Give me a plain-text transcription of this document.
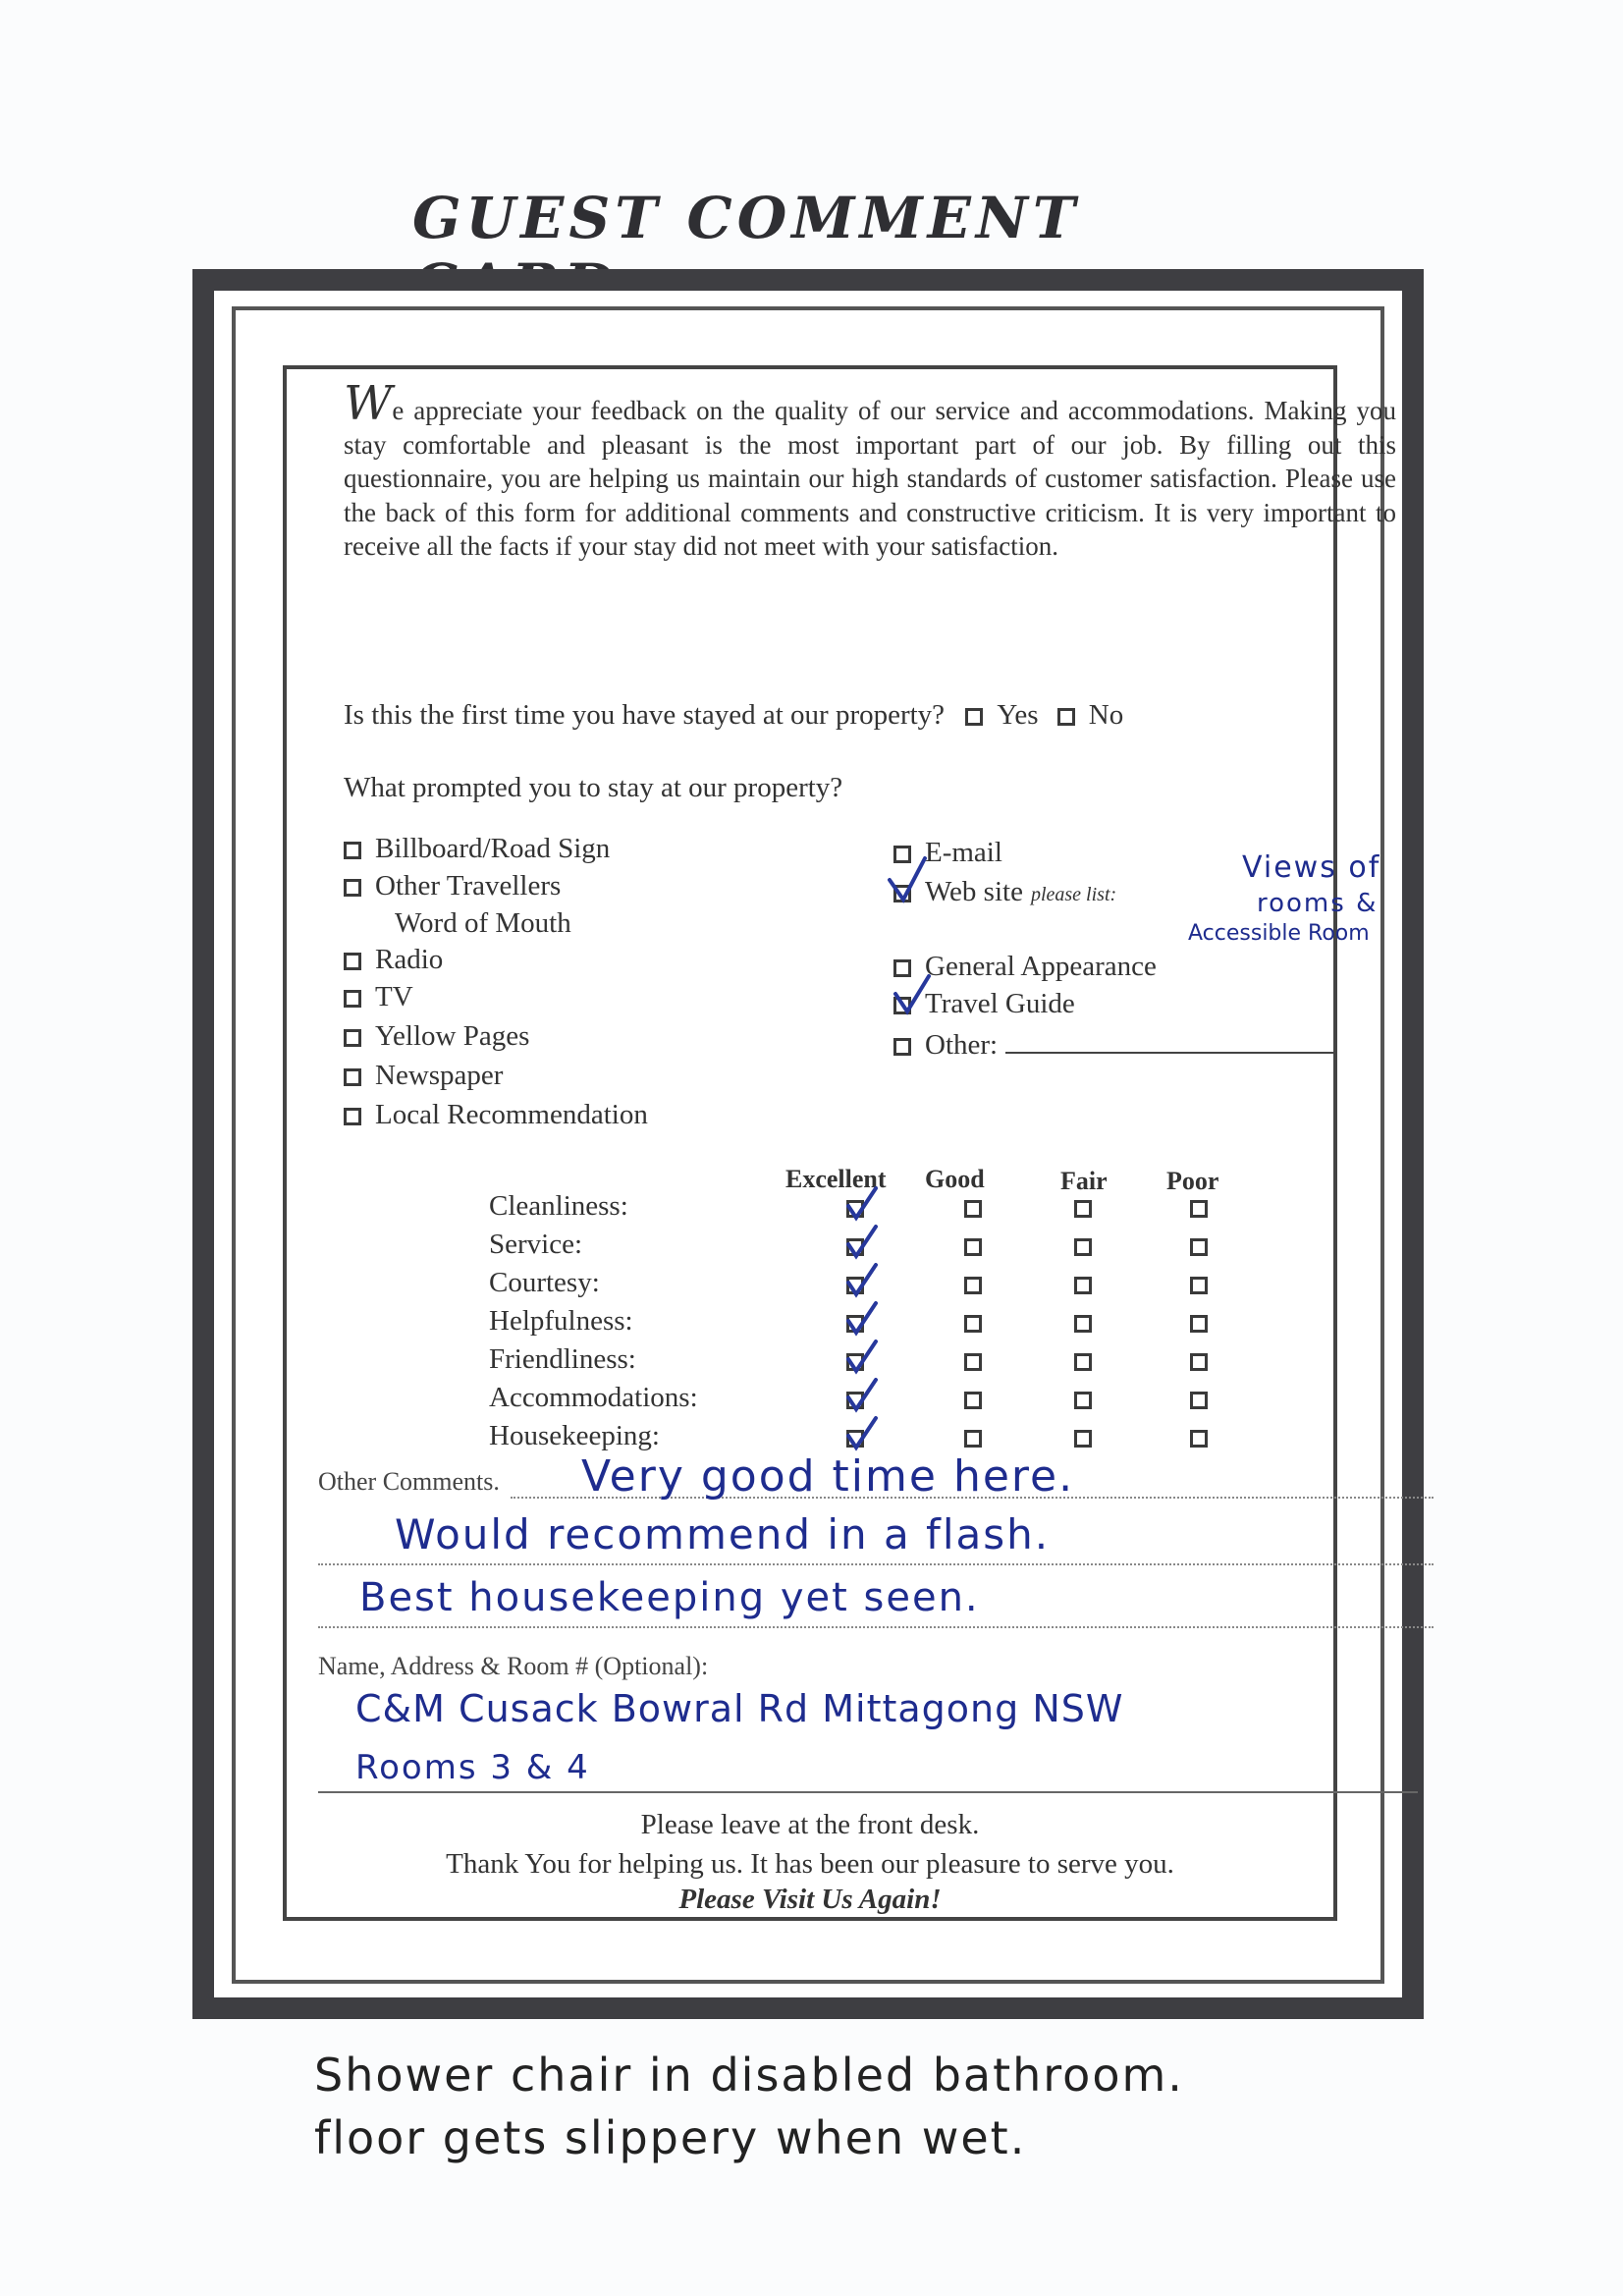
GUEST COMMENT
We appreciate your feedback on the quality of our service and accommodations. Making you stay comfortable and pleasant is the most important part of our job. By filling out this questionnaire, you are helping us maintain our high standards of customer satisfaction. Please use the back of this form for additional comments and constructive criticism. It is very important to receive all the facts if your stay did not meet with your satisfaction.
Is this the first time you have stayed at our property? Yes No
What prompted you to stay at our property?
Billboard/Road Sign
Other Travellers
Word of Mouth
Radio
TV
Yellow Pages
Newspaper
Local Recommendation
E-mail
Web site please list:
General Appearance
Travel Guide
Other:
Views of
rooms &
Accessible Room
Excellent Good	Fair Poor
Cleanliness:
Service:
Courtesy:
Helpfulness:
Friendliness:
Accommodations:
Housekeeping:
Other Comments. Very good time here.
Would recommend in a flash.
Best housekeeping yet seen.
Name, Address & Room # (Optional):
C&M Cusack Bowral Rd Mittagong NSW
Rooms 3 & 4
Please leave at the front desk.
Thank You for helping us. It has been our pleasure to serve you.
Please Visit Us Again!
Shower chair in disabled bathroom.
floor gets slippery when wet.
